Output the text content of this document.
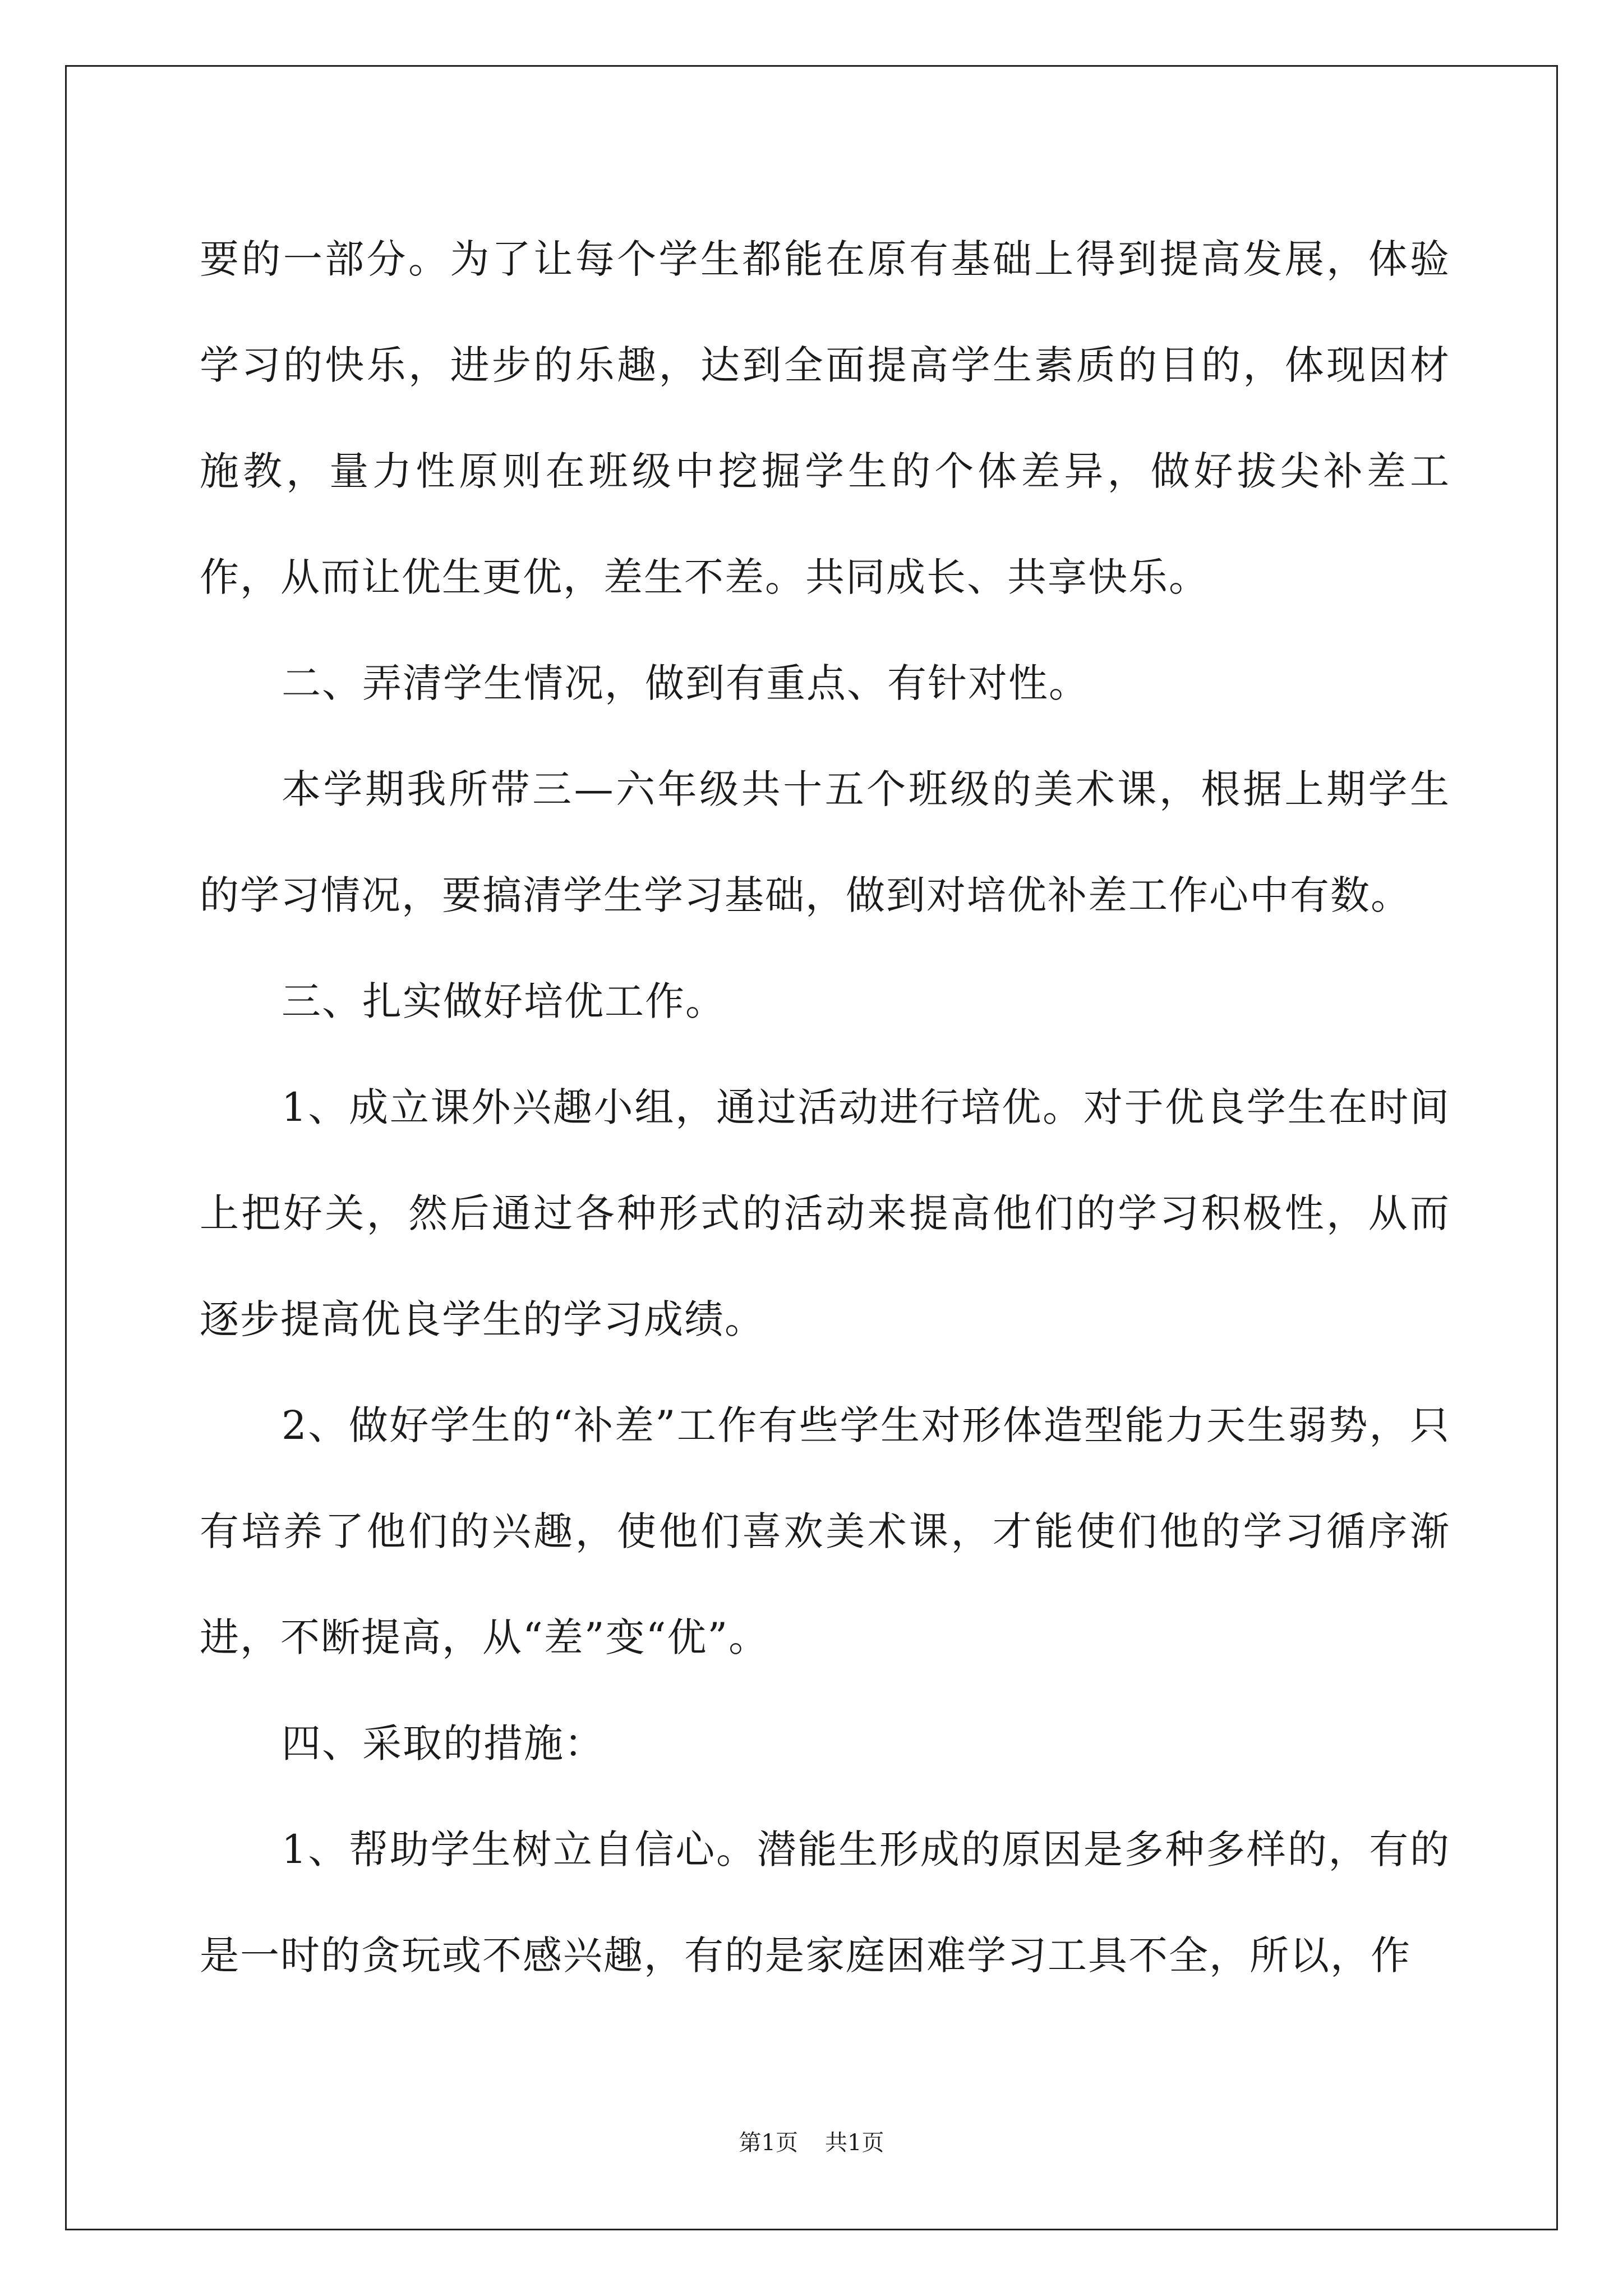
要的一部分。为了让每个学生都能在原有基础上得到提高发展，体验学习的快乐，进步的乐趣，达到全面提高学生素质的目的，体现因材施教，量力性原则在班级中挖掘学生的个体差异，做好拔尖补差工作，从而让优生更优，差生不差。共同成长、共享快乐。

二、弄清学生情况，做到有重点、有针对性。

本学期我所带三—六年级共十五个班级的美术课，根据上期学生的学习情况，要搞清学生学习基础，做到对培优补差工作心中有数。

三、扎实做好培优工作。

1、成立课外兴趣小组，通过活动进行培优。对于优良学生在时间上把好关，然后通过各种形式的活动来提高他们的学习积极性，从而逐步提高优良学生的学习成绩。

2、做好学生的“补差”工作有些学生对形体造型能力天生弱势，只有培养了他们的兴趣，使他们喜欢美术课，才能使们他的学习循序渐进，不断提高，从“差”变“优”。

四、采取的措施：

1、帮助学生树立自信心。潜能生形成的原因是多种多样的，有的是一时的贪玩或不感兴趣，有的是家庭困难学习工具不全，所以，作

第1页 共1页
